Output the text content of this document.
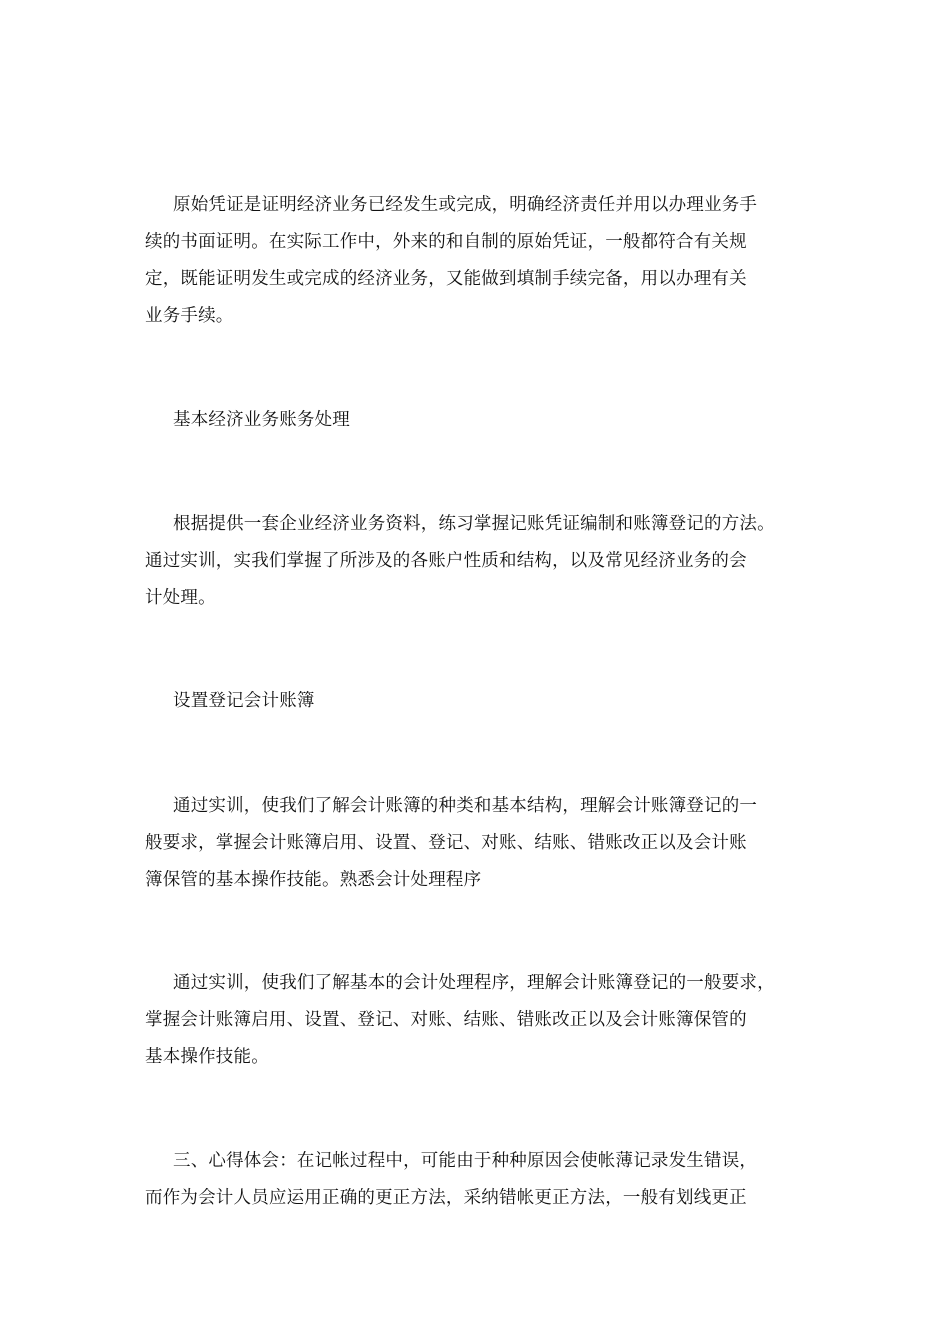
原始凭证是证明经济业务已经发生或完成，明确经济责任并用以办理业务手
续的书面证明。在实际工作中，外来的和自制的原始凭证，一般都符合有关规
定，既能证明发生或完成的经济业务，又能做到填制手续完备，用以办理有关
业务手续。

基本经济业务账务处理

根据提供一套企业经济业务资料，练习掌握记账凭证编制和账簿登记的方法。
通过实训，实我们掌握了所涉及的各账户性质和结构，以及常见经济业务的会
计处理。

设置登记会计账簿

通过实训，使我们了解会计账簿的种类和基本结构，理解会计账簿登记的一
般要求，掌握会计账簿启用、设置、登记、对账、结账、错账改正以及会计账
簿保管的基本操作技能。熟悉会计处理程序

通过实训，使我们了解基本的会计处理程序，理解会计账簿登记的一般要求，
掌握会计账簿启用、设置、登记、对账、结账、错账改正以及会计账簿保管的
基本操作技能。

三、心得体会：在记帐过程中，可能由于种种原因会使帐薄记录发生错误，
而作为会计人员应运用正确的更正方法，采纳错帐更正方法，一般有划线更正
